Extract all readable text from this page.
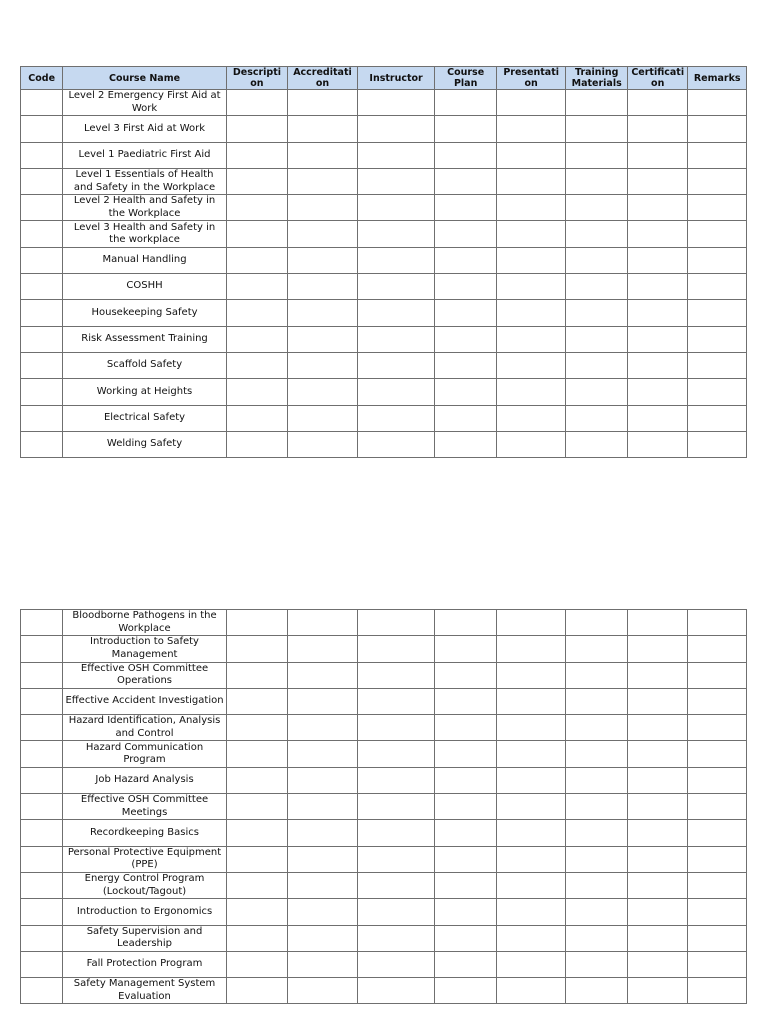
Code	Course Name	Descripti on	Accreditati on	Instructor	Course Plan	Presentati on	Training Materials	Certificati on	Remarks
	Level 2 Emergency First Aid at Work								
	Level 3 First Aid at Work								
	Level 1 Paediatric First Aid								
	Level 1 Essentials of Health and Safety in the Workplace								
	Level 2 Health and Safety in the Workplace								
	Level 3 Health and Safety in the workplace								
	Manual Handling								
	COSHH								
	Housekeeping Safety								
	Risk Assessment Training								
	Scaffold Safety								
	Working at Heights								
	Electrical Safety								
	Welding Safety								
	Bloodborne Pathogens in the Workplace								
	Introduction to Safety Management								
	Effective OSH Committee Operations								
	Effective Accident Investigation								
	Hazard Identification, Analysis and Control								
	Hazard Communication Program								
	Job Hazard Analysis								
	Effective OSH Committee Meetings								
	Recordkeeping Basics								
	Personal Protective Equipment (PPE)								
	Energy Control Program (Lockout/Tagout)								
	Introduction to Ergonomics								
	Safety Supervision and Leadership								
	Fall Protection Program								
	Safety Management System Evaluation								
